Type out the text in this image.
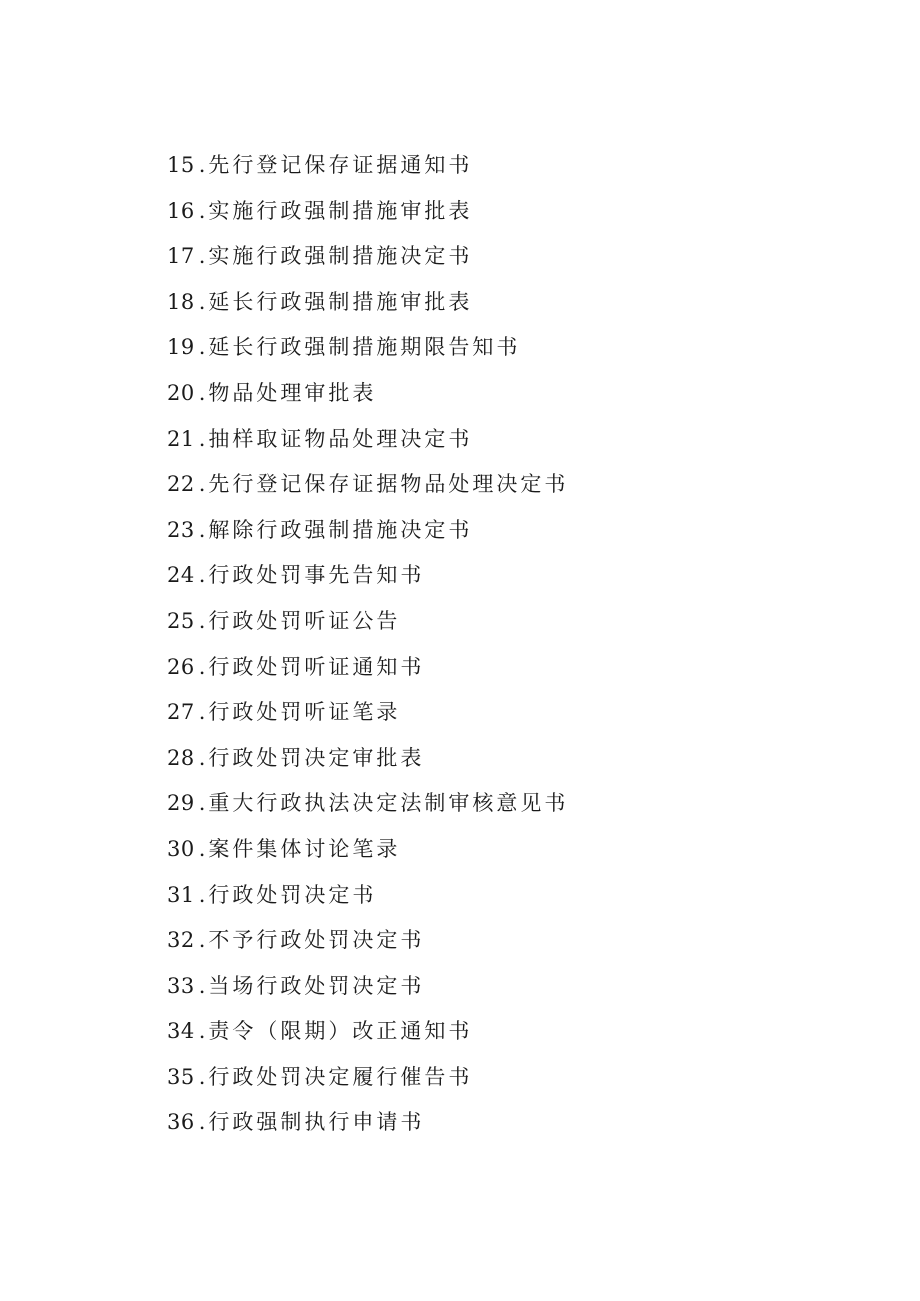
15 .先行登记保存证据通知书
16 .实施行政强制措施审批表
17 .实施行政强制措施决定书
18 .延长行政强制措施审批表
19 .延长行政强制措施期限告知书
20 .物品处理审批表
21 .抽样取证物品处理决定书
22 .先行登记保存证据物品处理决定书
23 .解除行政强制措施决定书
24 .行政处罚事先告知书
25 .行政处罚听证公告
26 .行政处罚听证通知书
27 .行政处罚听证笔录
28 .行政处罚决定审批表
29 .重大行政执法决定法制审核意见书
30 .案件集体讨论笔录
31 .行政处罚决定书
32 .不予行政处罚决定书
33 .当场行政处罚决定书
34 .责令（限期）改正通知书
35 .行政处罚决定履行催告书
36 .行政强制执行申请书
